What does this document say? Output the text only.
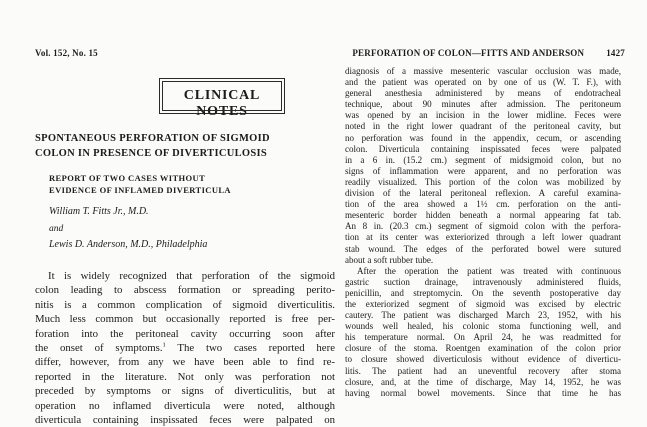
Vol. 152, No. 15	PERFORATION OF COLON—FITTS AND ANDERSON 1427
CLINICAL NOTES
SPONTANEOUS PERFORATION OF SIGMOID
COLON IN PRESENCE OF DIVERTICULOSIS
REPORT OF TWO CASES WITHOUT
EVIDENCE OF INFLAMED DIVERTICULA
William T. Fitts Jr., M.D.
and
Lewis D. Anderson, M.D., Philadelphia
It is widely recognized that perforation of the sigmoid
colon leading to abscess formation or spreading perito-
nitis is a common complication of sigmoid diverticulitis.
Much less common but occasionally reported is free per-
foration into the peritoneal cavity occurring soon after
the onset of symptoms.$^1$ The two cases reported here
differ, however, from any we have been able to find re-
reported in the literature. Not only was perforation not
preceded by symptoms or signs of diverticulitis, but at
operation no inflamed diverticula were noted, although
diverticula containing inspissated feces were palpated on
diagnosis of a massive mesenteric vascular occlusion was made,
and the patient was operated on by one of us (W. T. F.), with
general anesthesia administered by means of endotracheal
technique, about 90 minutes after admission. The peritoneum
was opened by an incision in the lower midline. Feces were
noted in the right lower quadrant of the peritoneal cavity, but
no perforation was found in the appendix, cecum, or ascending
colon. Diverticula containing inspissated feces were palpated
in a 6 in. (15.2 cm.) segment of midsigmoid colon, but no
signs of inflammation were apparent, and no perforation was
readily visualized. This portion of the colon was mobilized by
division of the lateral peritoneal reflexion. A careful examina-
tion of the area showed a 1½ cm. perforation on the anti-
mesenteric border hidden beneath a normal appearing fat tab.
An 8 in. (20.3 cm.) segment of sigmoid colon with the perfora-
tion at its center was exteriorized through a left lower quadrant
stab wound. The edges of the perforated bowel were sutured
about a soft rubber tube.
After the operation the patient was treated with continuous
gastric suction drainage, intravenously administered fluids,
penicillin, and streptomycin. On the seventh postoperative day
the exteriorized segment of sigmoid was excised by electric
cautery. The patient was discharged March 23, 1952, with his
wounds well healed, his colonic stoma functioning well, and
his temperature normal. On April 24, he was readmitted for
closure of the stoma. Roentgen examination of the colon prior
to closure showed diverticulosis without evidence of diverticu-
litis. The patient had an uneventful recovery after stoma
closure, and, at the time of discharge, May 14, 1952, he was
having normal bowel movements. Since that time he has
